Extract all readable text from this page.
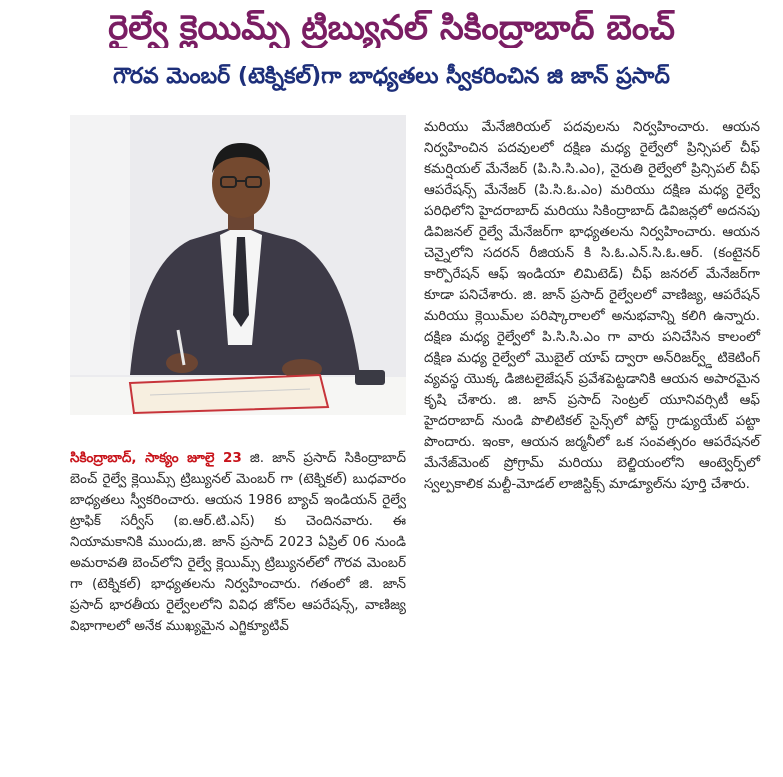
రైల్వే క్లెయిమ్స్ ట్రిబ్యునల్ సికింద్రాబాద్ బెంచ్
గౌరవ మెంబర్ (టెక్నికల్)గా బాధ్యతలు స్వీకరించిన జి జాన్ ప్రసాద్

సికింద్రాబాద్, సాక్యం జూలై 23 జి. జాన్ ప్రసాద్ సికింద్రాబాద్ బెంచ్ రైల్వే క్లెయిమ్స్ ట్రిబ్యునల్ మెంబర్ గా (టెక్నికల్) బుధవారం బాధ్యతలు స్వీకరించారు. ఆయన 1986 బ్యాచ్ ఇండియన్ రైల్వే ట్రాఫిక్ సర్వీస్ (ఐ.ఆర్.టి.ఎస్) కు చెందినవారు. ఈ నియామకానికి ముందు,జి. జాన్ ప్రసాద్ 2023 ఏప్రిల్ 06 నుండి అమరావతి బెంచ్‌లోని రైల్వే క్లెయిమ్స్ ట్రిబ్యునల్‌లో గౌరవ మెంబర్ గా (టెక్నికల్) భాధ్యతలను నిర్వహించారు. గతంలో జి. జాన్ ప్రసాద్ భారతీయ రైల్వేలలోని వివిధ జోన్‌ల ఆపరేషన్స్, వాణిజ్య విభాగాలలో అనేక ముఖ్యమైన ఎగ్జిక్యూటివ్

మరియు మేనేజిరియల్ పదవులను నిర్వహించారు. ఆయన నిర్వహించిన పదవులలో దక్షిణ మధ్య రైల్వేలో ప్రిన్సిపల్ చీఫ్ కమర్షియల్ మేనేజర్ (పి.సి.సి.ఎం), నైరుతి రైల్వేలో ప్రిన్సిపల్ చీఫ్ ఆపరేషన్స్ మేనేజర్ (పి.సి.ఓ.ఎం) మరియు దక్షిణ మధ్య రైల్వే పరిధిలోని హైదరాబాద్ మరియు సికింద్రాబాద్ డివిజన్లలో అదనపు డివిజనల్ రైల్వే మేనేజర్‌గా భాధ్యతలను నిర్వహించారు. ఆయన చెన్నైలోని సదరన్ రీజియన్ కి సి.ఓ.ఎన్.సి.ఓ.ఆర్. (కంటైనర్ కార్పొరేషన్ ఆఫ్ ఇండియా లిమిటెడ్) చీఫ్ జనరల్ మేనేజర్‌గా కూడా పనిచేశారు. జి. జాన్ ప్రసాద్ రైల్వేలలో వాణిజ్య, ఆపరేషన్ మరియు క్లెయిమ్‌ల పరిష్కారాలలో అనుభవాన్ని కలిగి ఉన్నారు. దక్షిణ మధ్య రైల్వేలో పి.సి.సి.ఎం గా వారు పనిచేసిన కాలంలో దక్షిణ మధ్య రైల్వేలో మొబైల్ యాప్ ద్వారా అన్‌రిజర్వ్డ్ టికెటింగ్ వ్యవస్థ యొక్క డిజిటలైజేషన్ ప్రవేశపెట్టడానికి ఆయన అపారమైన కృషి చేశారు. జి. జాన్ ప్రసాద్ సెంట్రల్ యూనివర్సిటీ ఆఫ్ హైదరాబాద్ నుండి పొలిటికల్ సైన్స్‌లో పోస్ట్ గ్రాడ్యుయేట్ పట్టా పొందారు. ఇంకా, ఆయన జర్మనీలో ఒక సంవత్సరం ఆపరేషనల్ మేనేజ్‌మెంట్ ప్రోగ్రామ్ మరియు బెల్జియంలోని ఆంట్వెర్ప్‌లో స్వల్పకాలిక మల్టీ-మోడల్ లాజిస్టిక్స్ మాడ్యూల్‌ను పూర్తి చేశారు.
